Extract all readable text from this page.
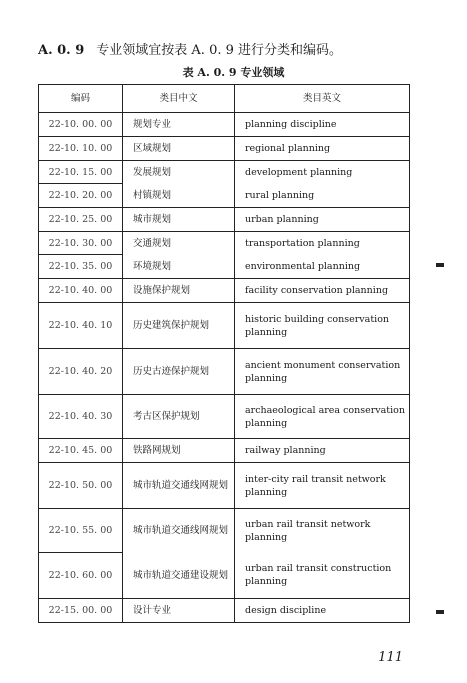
A. 0. 9 专业领域宜按表 A. 0. 9 进行分类和编码。
表 A. 0. 9 专业领域
编码	类目中文	类目英文
22-10. 00. 00	规划专业	planning discipline
22-10. 10. 00	区域规划	regional planning
22-10. 15. 00	发展规划	development planning
22-10. 20. 00	村镇规划	rural planning
22-10. 25. 00	城市规划	urban planning
22-10. 30. 00	交通规划	transportation planning
22-10. 35. 00	环境规划	environmental planning
22-10. 40. 00	设施保护规划	facility conservation planning
22-10. 40. 10	历史建筑保护规划	historic building conservation planning
22-10. 40. 20	历史古迹保护规划	ancient monument conservation planning
22-10. 40. 30	考古区保护规划	archaeological area conservation planning
22-10. 45. 00	铁路网规划	railway planning
22-10. 50. 00	城市轨道交通线网规划	inter-city rail transit network planning
22-10. 55. 00	城市轨道交通线网规划	urban rail transit network planning
22-10. 60. 00	城市轨道交通建设规划	urban rail transit construction planning
22-15. 00. 00	设计专业	design discipline
111
